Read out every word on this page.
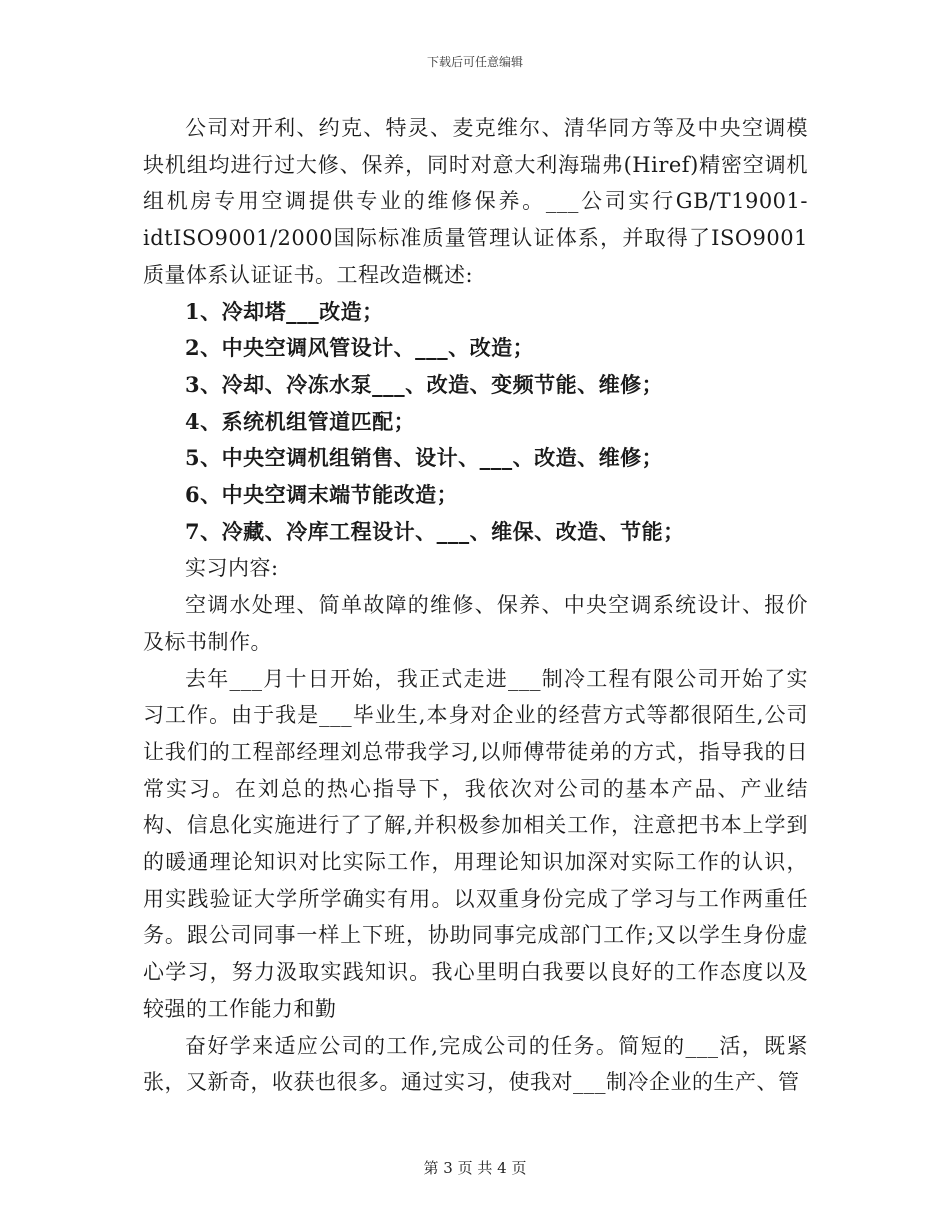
下载后可任意编辑

公司对开利、约克、特灵、麦克维尔、清华同方等及中央空调模块机组均进行过大修、保养，同时对意大利海瑞弗(Hiref)精密空调机组机房专用空调提供专业的维修保养。___公司实行GB/T19001-idtISO9001/2000国际标准质量管理认证体系，并取得了ISO9001质量体系认证证书。工程改造概述:

1、冷却塔___改造；

2、中央空调风管设计、___、改造；

3、冷却、冷冻水泵___、改造、变频节能、维修；

4、系统机组管道匹配；

5、中央空调机组销售、设计、___、改造、维修；

6、中央空调末端节能改造；

7、冷藏、冷库工程设计、___、维保、改造、节能；

实习内容:

空调水处理、简单故障的维修、保养、中央空调系统设计、报价及标书制作。

去年___月十日开始，我正式走进___制冷工程有限公司开始了实习工作。由于我是___毕业生,本身对企业的经营方式等都很陌生,公司让我们的工程部经理刘总带我学习,以师傅带徒弟的方式，指导我的日常实习。在刘总的热心指导下，我依次对公司的基本产品、产业结构、信息化实施进行了了解,并积极参加相关工作，注意把书本上学到的暖通理论知识对比实际工作，用理论知识加深对实际工作的认识，用实践验证大学所学确实有用。以双重身份完成了学习与工作两重任务。跟公司同事一样上下班，协助同事完成部门工作;又以学生身份虚心学习，努力汲取实践知识。我心里明白我要以良好的工作态度以及较强的工作能力和勤

奋好学来适应公司的工作,完成公司的任务。简短的___活，既紧张，又新奇，收获也很多。通过实习，使我对___制冷企业的生产、管

第 3 页 共 4 页
